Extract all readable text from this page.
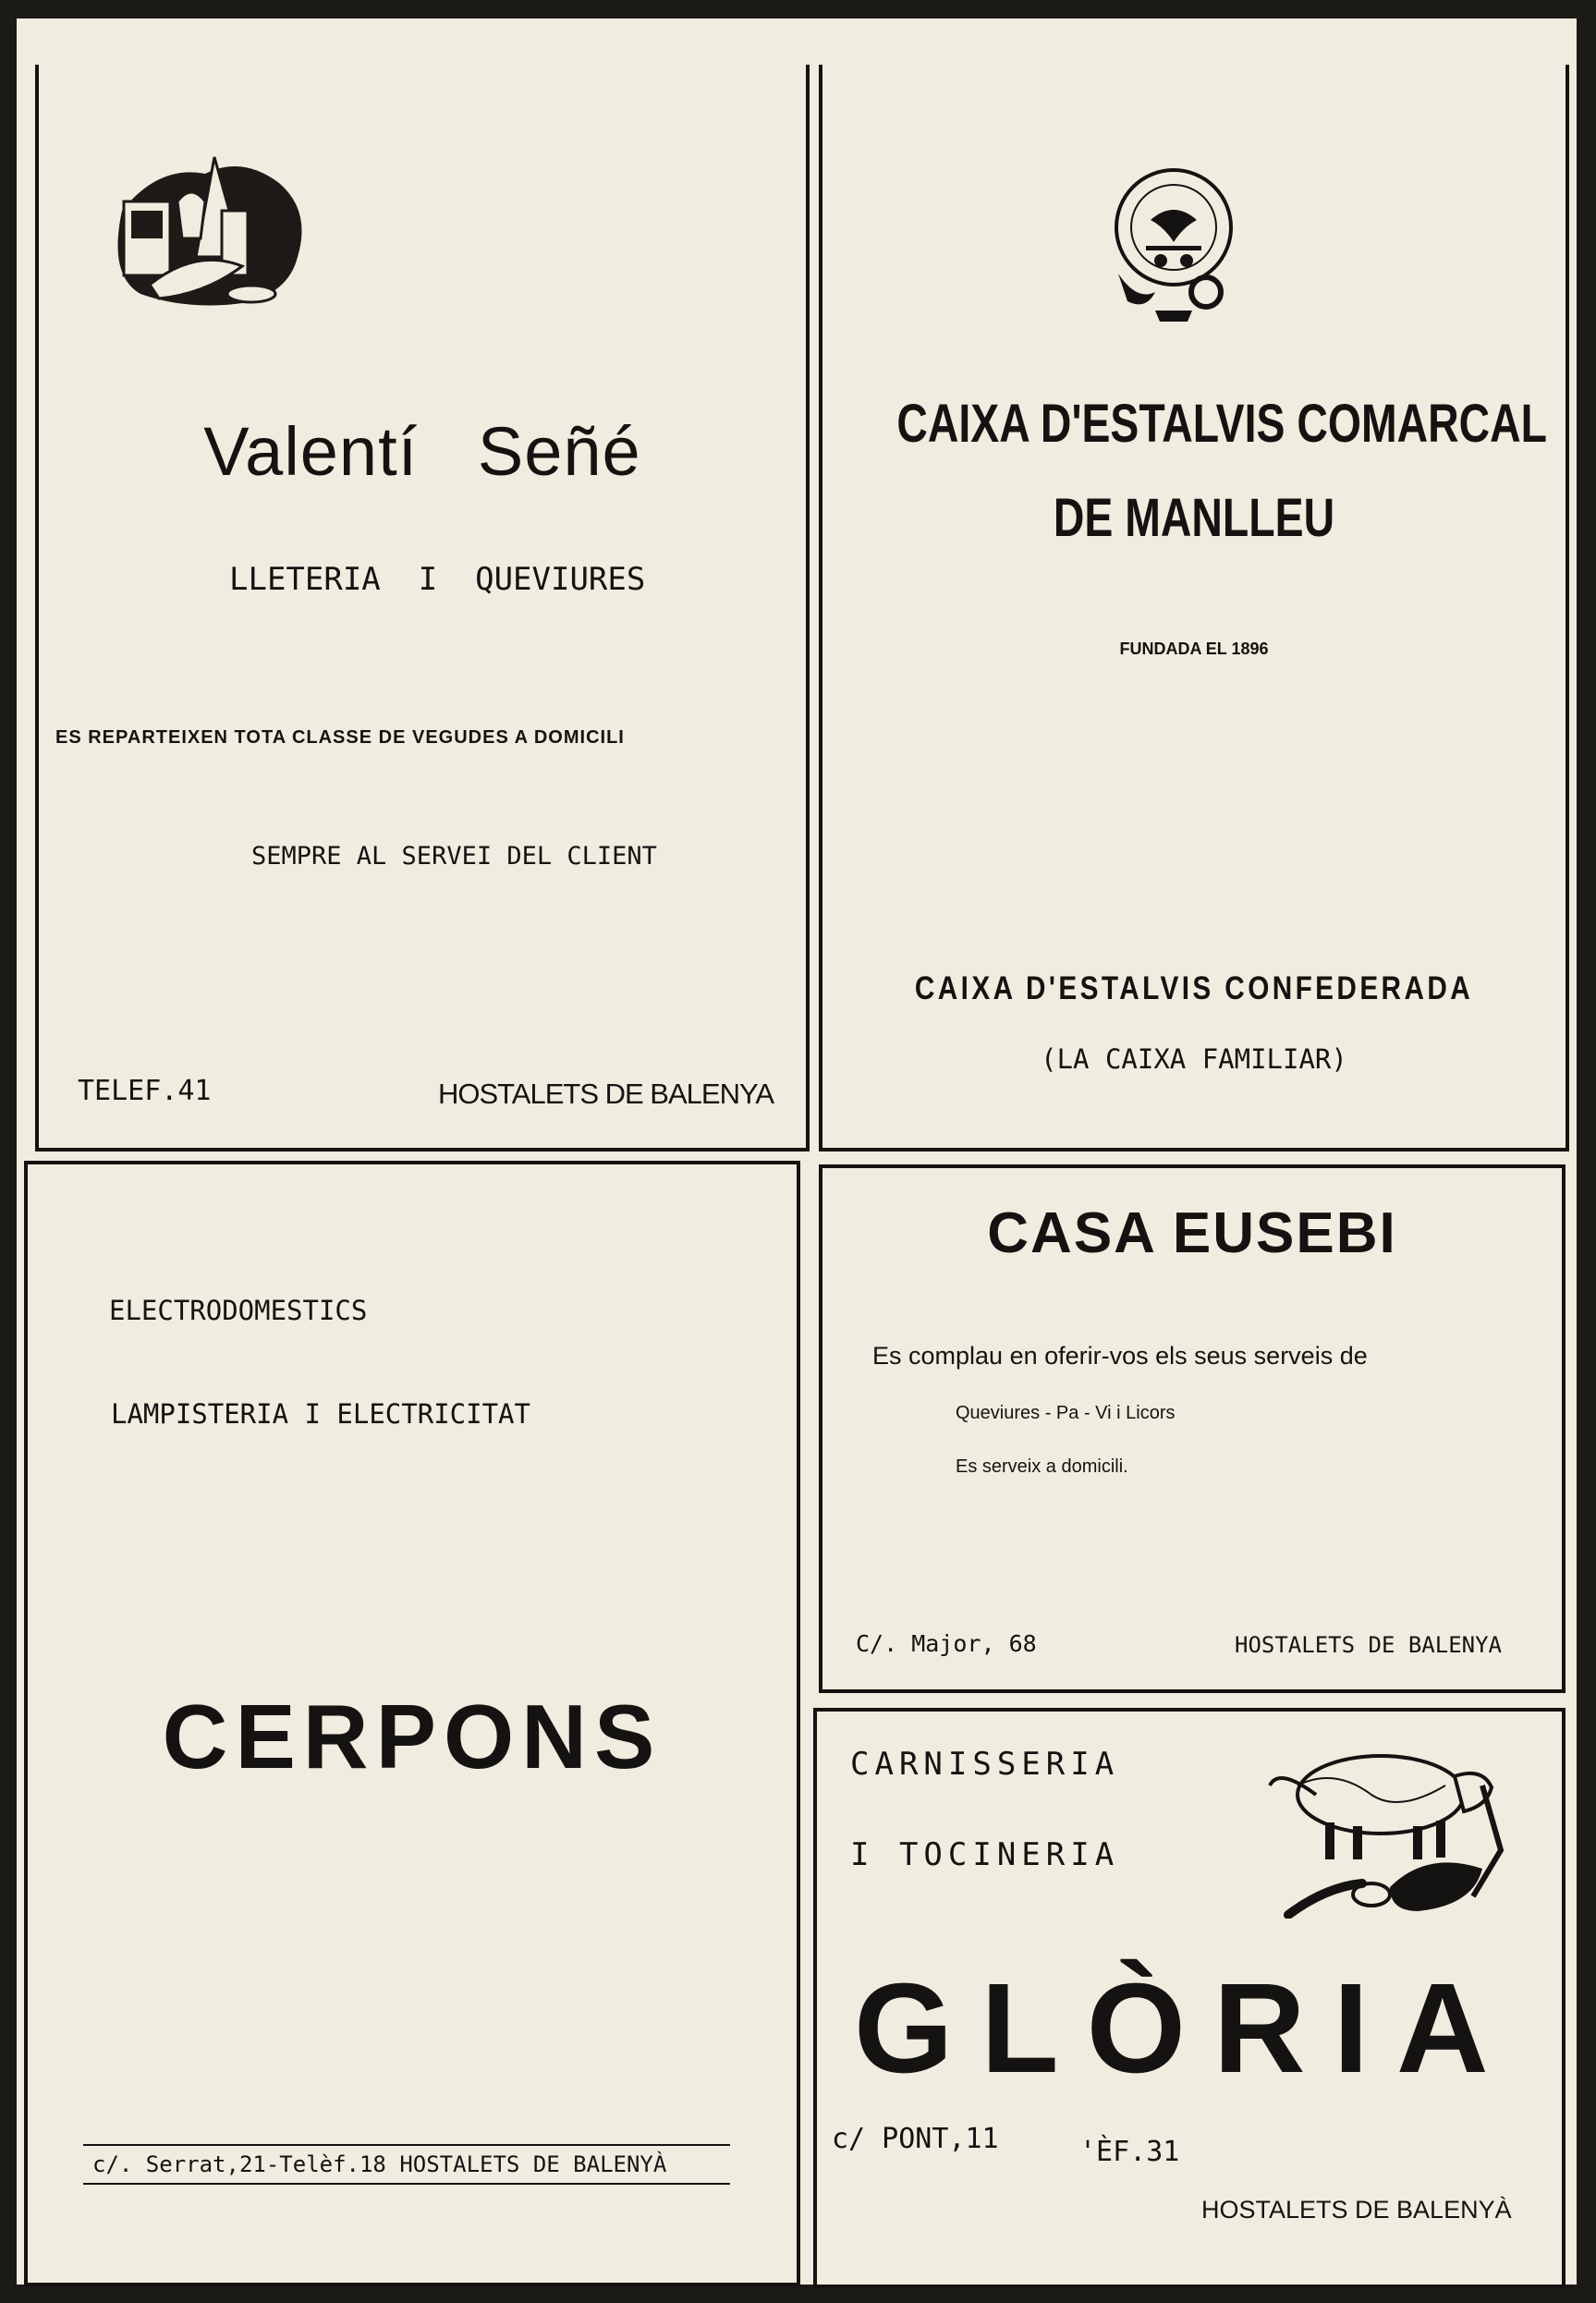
Valentí   Señé
LLETERIA  I  QUEVIURES
ES REPARTEIXEN TOTA CLASSE DE VEGUDES A DOMICILI
SEMPRE AL SERVEI DEL CLIENT
TELEF.41	HOSTALETS DE BALENYA
CAIXA D'ESTALVIS COMARCAL
DE MANLLEU
FUNDADA EL 1896
CAIXA D'ESTALVIS CONFEDERADA
(LA CAIXA FAMILIAR)
ELECTRODOMESTICS
LAMPISTERIA I ELECTRICITAT
CERPONS
c/. Serrat,21-Telèf.18 HOSTALETS DE BALENYÀ
CASA EUSEBI
Es complau en oferir-vos els seus serveis de
Queviures - Pa - Vi i Licors
Es serveix a domicili.
C/. Major, 68	HOSTALETS DE BALENYA
CARNISSERIA
I TOCINERIA
GLÒRIA
c/ PONT,11	'ÈF.31
HOSTALETS DE BALENYÀ
